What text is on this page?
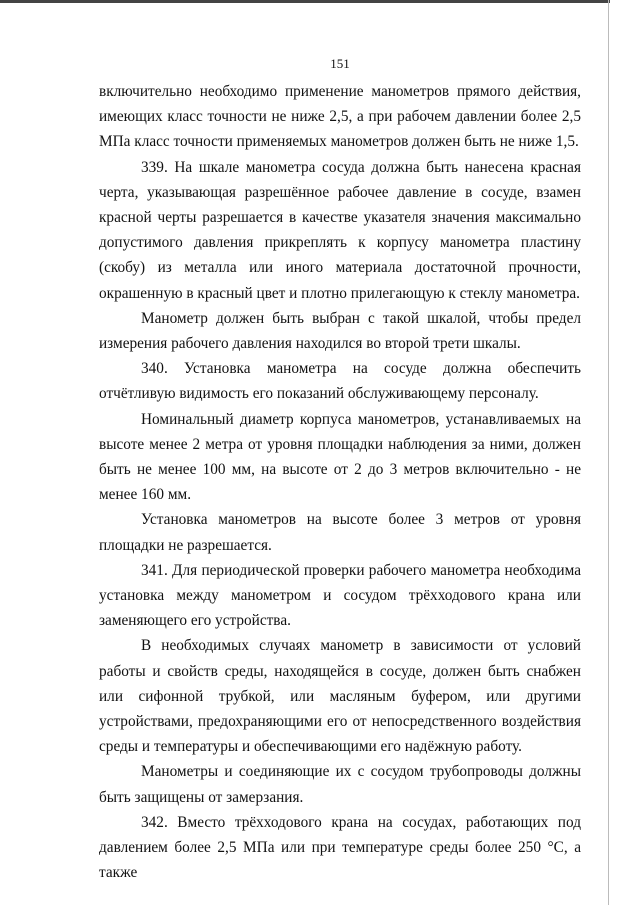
151

включительно необходимо применение манометров прямого действия, имеющих класс точности не ниже 2,5, а при рабочем давлении более 2,5 МПа класс точности применяемых манометров должен быть не ниже 1,5.

339. На шкале манометра сосуда должна быть нанесена красная черта, указывающая разрешённое рабочее давление в сосуде, взамен красной черты разрешается в качестве указателя значения максимально допустимого давления прикреплять к корпусу манометра пластину (скобу) из металла или иного материала достаточной прочности, окрашенную в красный цвет и плотно прилегающую к стеклу манометра.

Манометр должен быть выбран с такой шкалой, чтобы предел измерения рабочего давления находился во второй трети шкалы.

340. Установка манометра на сосуде должна обеспечить отчётливую видимость его показаний обслуживающему персоналу.

Номинальный диаметр корпуса манометров, устанавливаемых на высоте менее 2 метра от уровня площадки наблюдения за ними, должен быть не менее 100 мм, на высоте от 2 до 3 метров включительно - не менее 160 мм.

Установка манометров на высоте более 3 метров от уровня площадки не разрешается.

341. Для периодической проверки рабочего манометра необходима установка между манометром и сосудом трёхходового крана или заменяющего его устройства.

В необходимых случаях манометр в зависимости от условий работы и свойств среды, находящейся в сосуде, должен быть снабжен или сифонной трубкой, или масляным буфером, или другими устройствами, предохраняющими его от непосредственного воздействия среды и температуры и обеспечивающими его надёжную работу.

Манометры и соединяющие их с сосудом трубопроводы должны быть защищены от замерзания.

342. Вместо трёхходового крана на сосудах, работающих под давлением более 2,5 МПа или при температуре среды более 250 °С, а также
